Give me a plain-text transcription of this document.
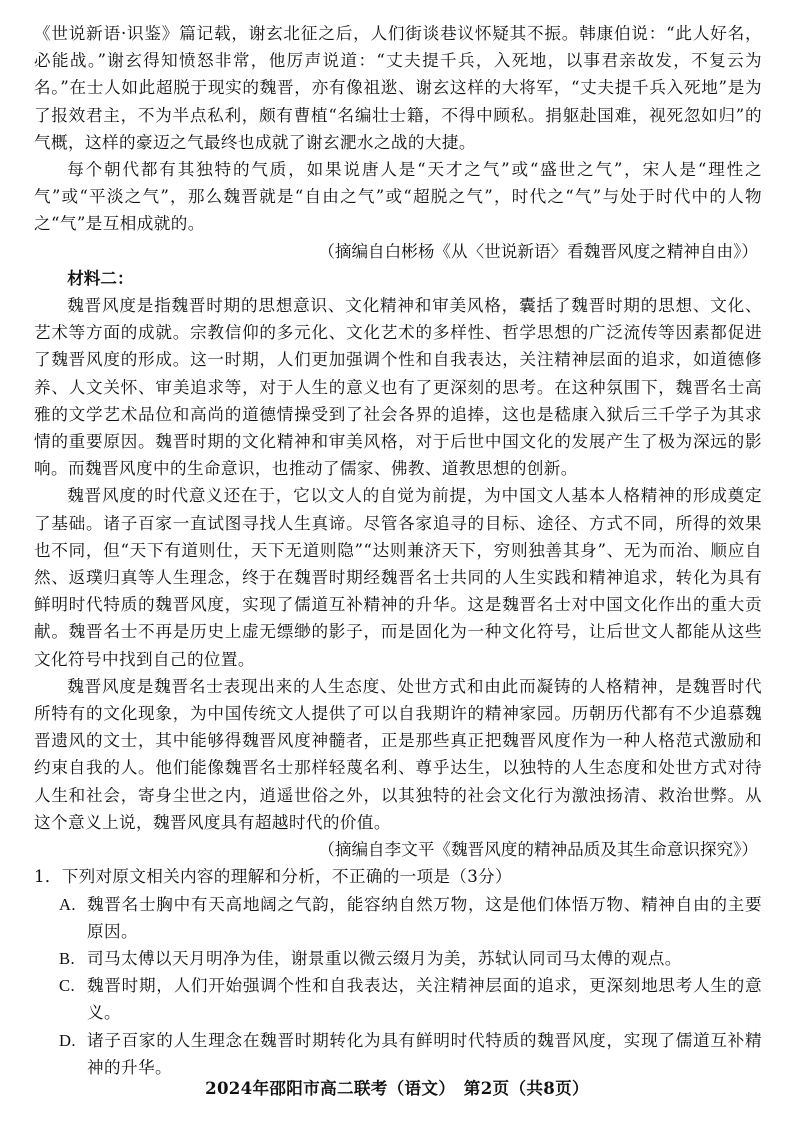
《世说新语·识鉴》篇记载，谢玄北征之后，人们街谈巷议怀疑其不振。韩康伯说：“此人好名，必能战。”谢玄得知愤怒非常，他厉声说道：“丈夫提千兵，入死地，以事君亲故发，不复云为名。”在士人如此超脱于现实的魏晋，亦有像祖逖、谢玄这样的大将军，“丈夫提千兵入死地”是为了报效君主，不为半点私利，颇有曹植“名编壮士籍，不得中顾私。捐躯赴国难，视死忽如归”的气概，这样的豪迈之气最终也成就了谢玄淝水之战的大捷。

每个朝代都有其独特的气质，如果说唐人是“天才之气”或“盛世之气”，宋人是“理性之气”或“平淡之气”，那么魏晋就是“自由之气”或“超脱之气”，时代之“气”与处于时代中的人物之“气”是互相成就的。

（摘编自白彬杨《从〈世说新语〉看魏晋风度之精神自由》）

材料二：

魏晋风度是指魏晋时期的思想意识、文化精神和审美风格，囊括了魏晋时期的思想、文化、艺术等方面的成就。宗教信仰的多元化、文化艺术的多样性、哲学思想的广泛流传等因素都促进了魏晋风度的形成。这一时期，人们更加强调个性和自我表达，关注精神层面的追求，如道德修养、人文关怀、审美追求等，对于人生的意义也有了更深刻的思考。在这种氛围下，魏晋名士高雅的文学艺术品位和高尚的道德情操受到了社会各界的追捧，这也是嵇康入狱后三千学子为其求情的重要原因。魏晋时期的文化精神和审美风格，对于后世中国文化的发展产生了极为深远的影响。而魏晋风度中的生命意识，也推动了儒家、佛教、道教思想的创新。

魏晋风度的时代意义还在于，它以文人的自觉为前提，为中国文人基本人格精神的形成奠定了基础。诸子百家一直试图寻找人生真谛。尽管各家追寻的目标、途径、方式不同，所得的效果也不同，但“天下有道则仕，天下无道则隐”“达则兼济天下，穷则独善其身”、无为而治、顺应自然、返璞归真等人生理念，终于在魏晋时期经魏晋名士共同的人生实践和精神追求，转化为具有鲜明时代特质的魏晋风度，实现了儒道互补精神的升华。这是魏晋名士对中国文化作出的重大贡献。魏晋名士不再是历史上虚无缥缈的影子，而是固化为一种文化符号，让后世文人都能从这些文化符号中找到自己的位置。

魏晋风度是魏晋名士表现出来的人生态度、处世方式和由此而凝铸的人格精神，是魏晋时代所特有的文化现象，为中国传统文人提供了可以自我期许的精神家园。历朝历代都有不少追慕魏晋遗风的文士，其中能够得魏晋风度神髓者，正是那些真正把魏晋风度作为一种人格范式激励和约束自我的人。他们能像魏晋名士那样轻蔑名利、尊乎达生，以独特的人生态度和处世方式对待人生和社会，寄身尘世之内，逍遥世俗之外，以其独特的社会文化行为激浊扬清、救治世弊。从这个意义上说，魏晋风度具有超越时代的价值。

（摘编自李文平《魏晋风度的精神品质及其生命意识探究》）

1．下列对原文相关内容的理解和分析，不正确的一项是（3分）

A. 魏晋名士胸中有天高地阔之气韵，能容纳自然万物，这是他们体悟万物、精神自由的主要原因。
B. 司马太傅以天月明净为佳，谢景重以微云缀月为美，苏轼认同司马太傅的观点。
C. 魏晋时期，人们开始强调个性和自我表达，关注精神层面的追求，更深刻地思考人生的意义。
D. 诸子百家的人生理念在魏晋时期转化为具有鲜明时代特质的魏晋风度，实现了儒道互补精神的升华。
2024年邵阳市高二联考（语文）　第2页（共8页）
